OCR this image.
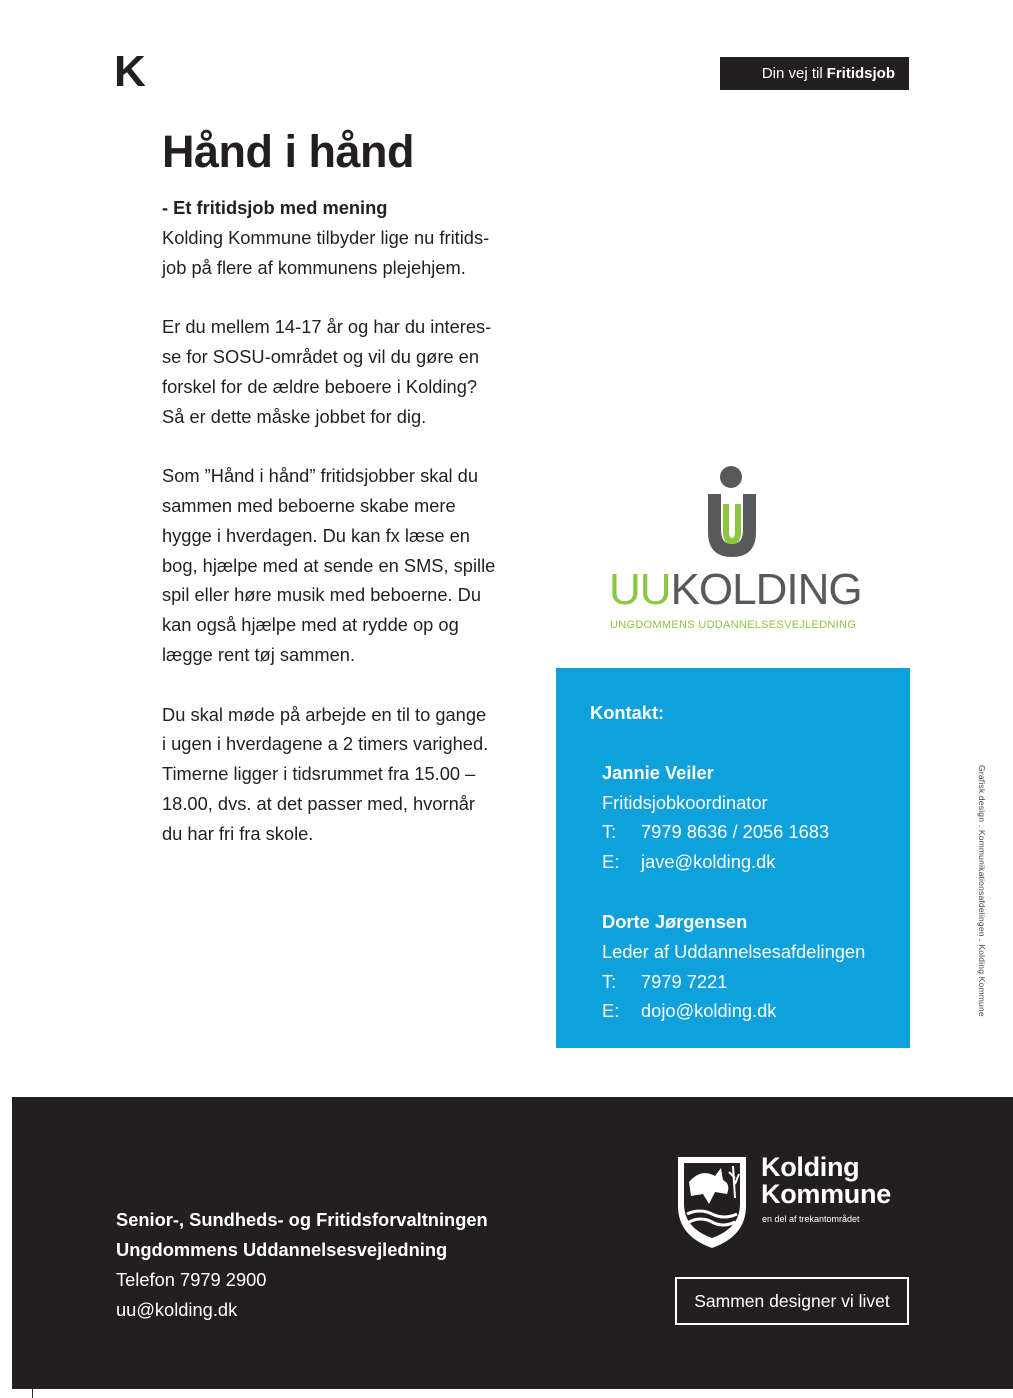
K	Din vej til Fritidsjob
Hånd i hånd
- Et fritidsjob med mening

Kolding Kommune tilbyder lige nu fritids-
job på flere af kommunens plejehjem.

Er du mellem 14-17 år og har du interes-
se for SOSU-området og vil du gøre en
forskel for de ældre beboere i Kolding?
Så er dette måske jobbet for dig.

Som ”Hånd i hånd” fritidsjobber skal du
sammen med beboerne skabe mere
hygge i hverdagen. Du kan fx læse en
bog, hjælpe med at sende en SMS, spille
spil eller høre musik med beboerne. Du
kan også hjælpe med at rydde op og
lægge rent tøj sammen.

Du skal møde på arbejde en til to gange
i ugen i hverdagene a 2 timers varighed.
Timerne ligger i tidsrummet fra 15.00 –
18.00, dvs. at det passer med, hvornår
du har fri fra skole.

UUKOLDING
UNGDOMMENS UDDANNELSESVEJLEDNING
Kontakt:
Jannie Veiler
Fritidsjobkoordinator
T:	7979 8636 / 2056 1683
E:	jave@kolding.dk
Dorte Jørgensen
Leder af Uddannelsesafdelingen
T:	7979 7221
E:	dojo@kolding.dk	Grafisk design . Kommunikationsafdelingen . Kolding Kommune
Senior-, Sundheds- og Fritidsforvaltningen
Ungdommens Uddannelsesvejledning
Telefon 7979 2900
uu@kolding.dk
Kolding
Kommune
en del af trekantområdet
Sammen designer vi livet
